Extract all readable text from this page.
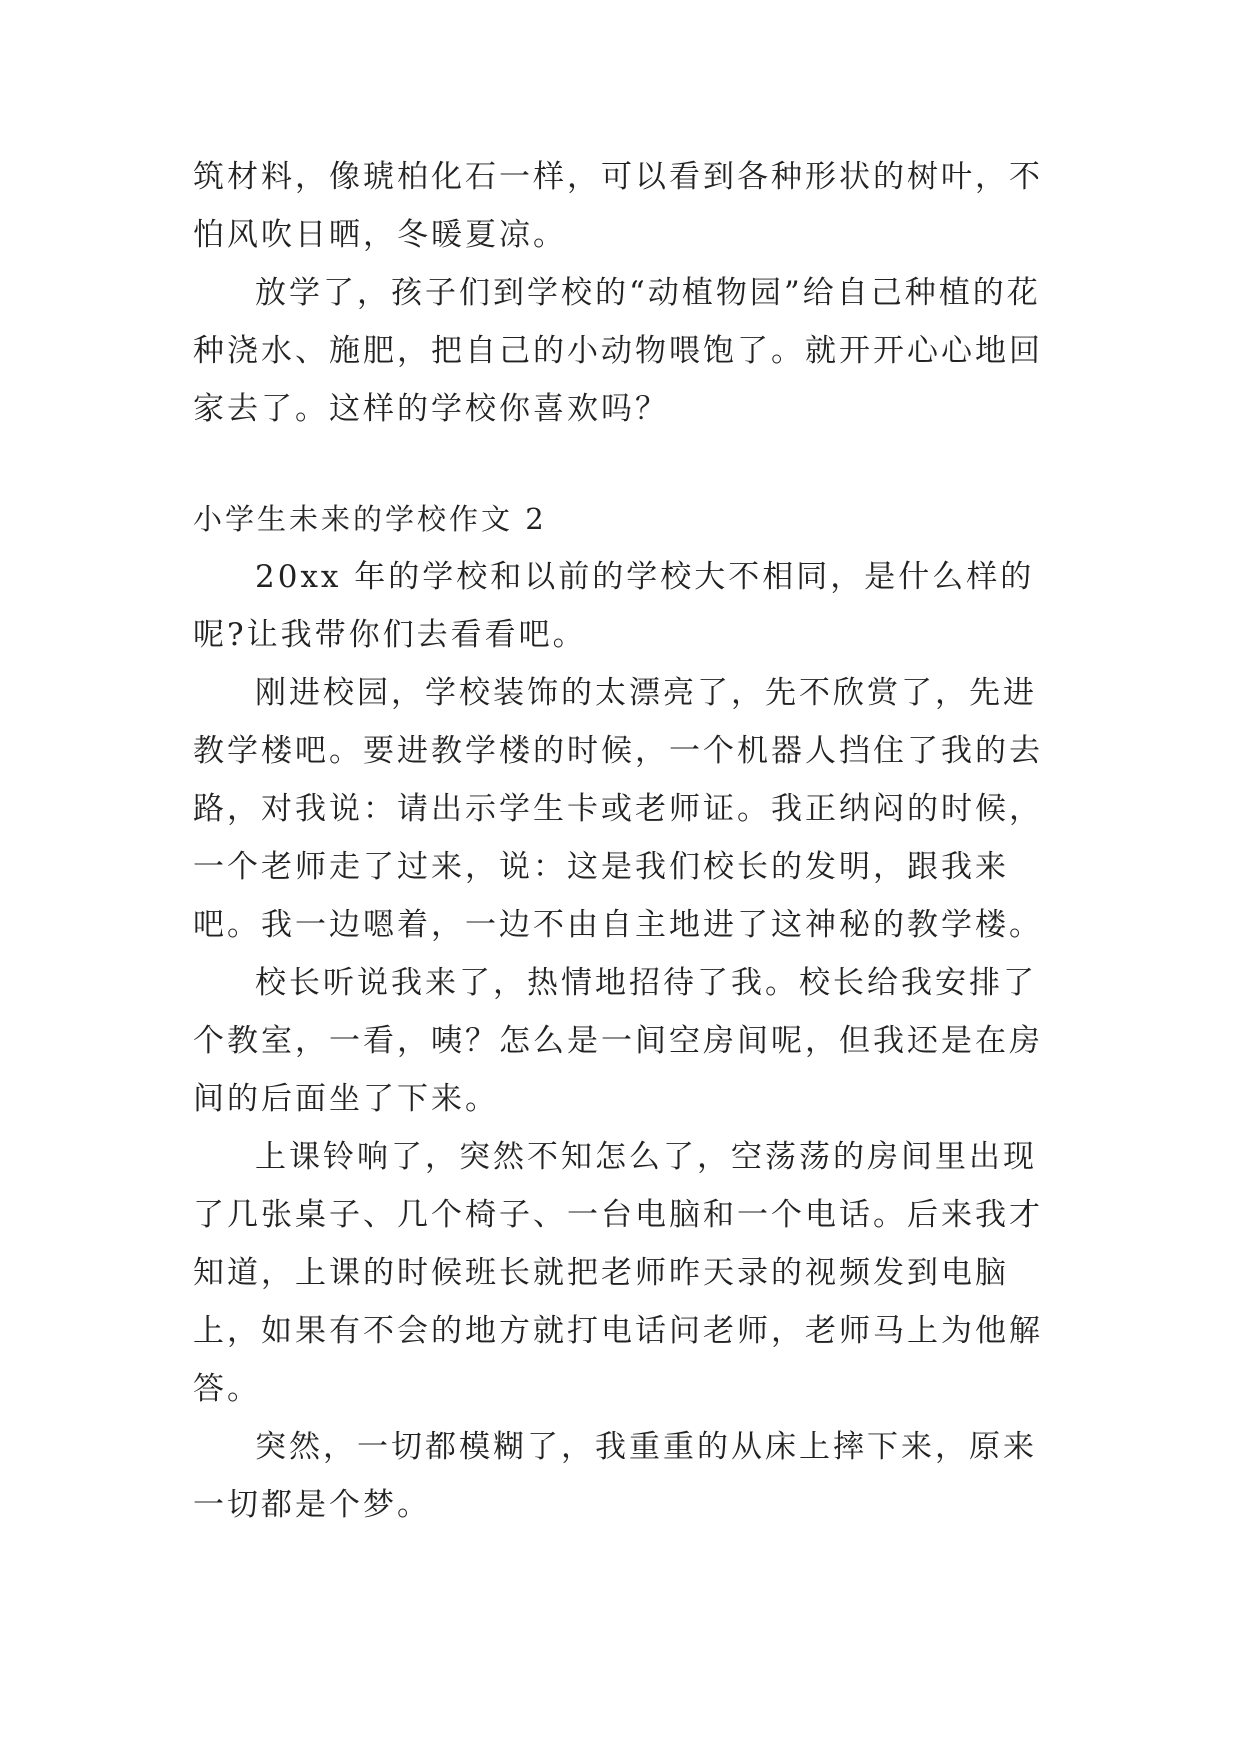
筑材料，像琥柏化石一样，可以看到各种形状的树叶，不怕风吹日晒，冬暖夏凉。

放学了，孩子们到学校的“动植物园”给自己种植的花种浇水、施肥，把自己的小动物喂饱了。就开开心心地回家去了。这样的学校你喜欢吗？

小学生未来的学校作文 2

20xx 年的学校和以前的学校大不相同，是什么样的呢?让我带你们去看看吧。

刚进校园，学校装饰的太漂亮了，先不欣赏了，先进教学楼吧。要进教学楼的时候，一个机器人挡住了我的去路，对我说：请出示学生卡或老师证。我正纳闷的时候，一个老师走了过来，说：这是我们校长的发明，跟我来吧。我一边嗯着，一边不由自主地进了这神秘的教学楼。

校长听说我来了，热情地招待了我。校长给我安排了个教室，一看，咦？怎么是一间空房间呢，但我还是在房间的后面坐了下来。

上课铃响了，突然不知怎么了，空荡荡的房间里出现了几张桌子、几个椅子、一台电脑和一个电话。后来我才知道，上课的时候班长就把老师昨天录的视频发到电脑上，如果有不会的地方就打电话问老师，老师马上为他解答。

突然，一切都模糊了，我重重的从床上摔下来，原来一切都是个梦。
